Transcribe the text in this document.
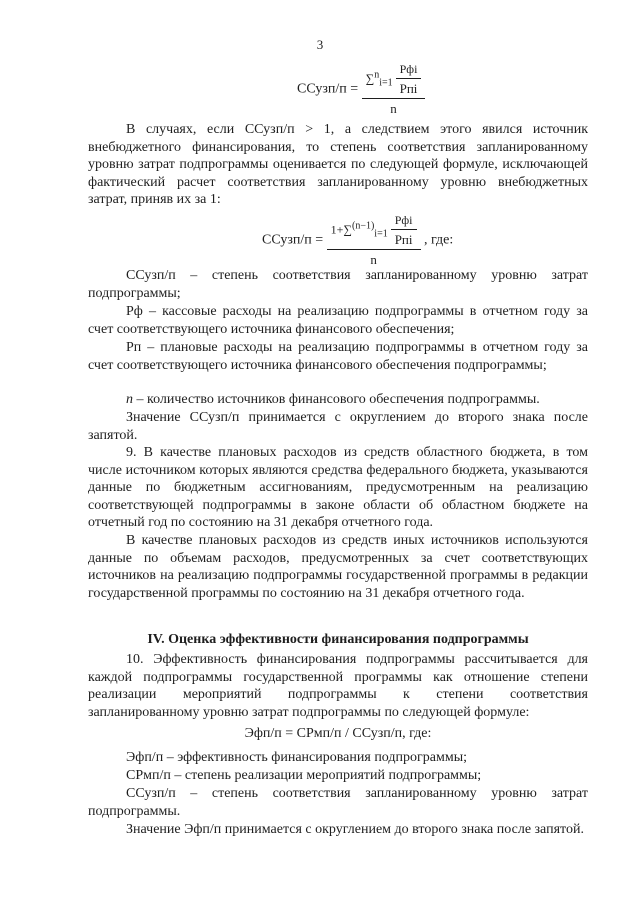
3
ССузп/п = $\frac{\sum^n_{i=1} \frac{\text{Рфi}}{\text{Рпi}}}{n}$

В случаях, если ССузп/п > 1, а следствием этого явился источник внебюджетного финансирования, то степень соответствия запланированному уровню затрат подпрограммы оценивается по следующей формуле, исключающей фактический расчет соответствия запланированному уровню внебюджетных затрат, приняв их за 1:

ССузп/п = $\frac{1+\sum^{(n-1)}_{i=1} \frac{\text{Рфi}}{\text{Рпi}}}{n}$ , где:

ССузп/п – степень соответствия запланированному уровню затрат подпрограммы;

Рф – кассовые расходы на реализацию подпрограммы в отчетном году за счет соответствующего источника финансового обеспечения;

Рп – плановые расходы на реализацию подпрограммы в отчетном году за счет соответствующего источника финансового обеспечения подпрограммы;

n – количество источников финансового обеспечения подпрограммы.

Значение ССузп/п принимается с округлением до второго знака после запятой.

9. В качестве плановых расходов из средств областного бюджета, в том числе источником которых являются средства федерального бюджета, указываются данные по бюджетным ассигнованиям, предусмотренным на реализацию соответствующей подпрограммы в законе области об областном бюджете на отчетный год по состоянию на 31 декабря отчетного года.

В качестве плановых расходов из средств иных источников используются данные по объемам расходов, предусмотренных за счет соответствующих источников на реализацию подпрограммы государственной программы в редакции государственной программы по состоянию на 31 декабря отчетного года.

IV. Оценка эффективности финансирования подпрограммы

10. Эффективность финансирования подпрограммы рассчитывается для каждой подпрограммы государственной программы как отношение степени реализации мероприятий подпрограммы к степени соответствия запланированному уровню затрат подпрограммы по следующей формуле:

Эфп/п = СРмп/п / ССузп/п, где:

Эфп/п – эффективность финансирования подпрограммы;

СРмп/п – степень реализации мероприятий подпрограммы;

ССузп/п – степень соответствия запланированному уровню затрат подпрограммы.

Значение Эфп/п принимается с округлением до второго знака после запятой.
